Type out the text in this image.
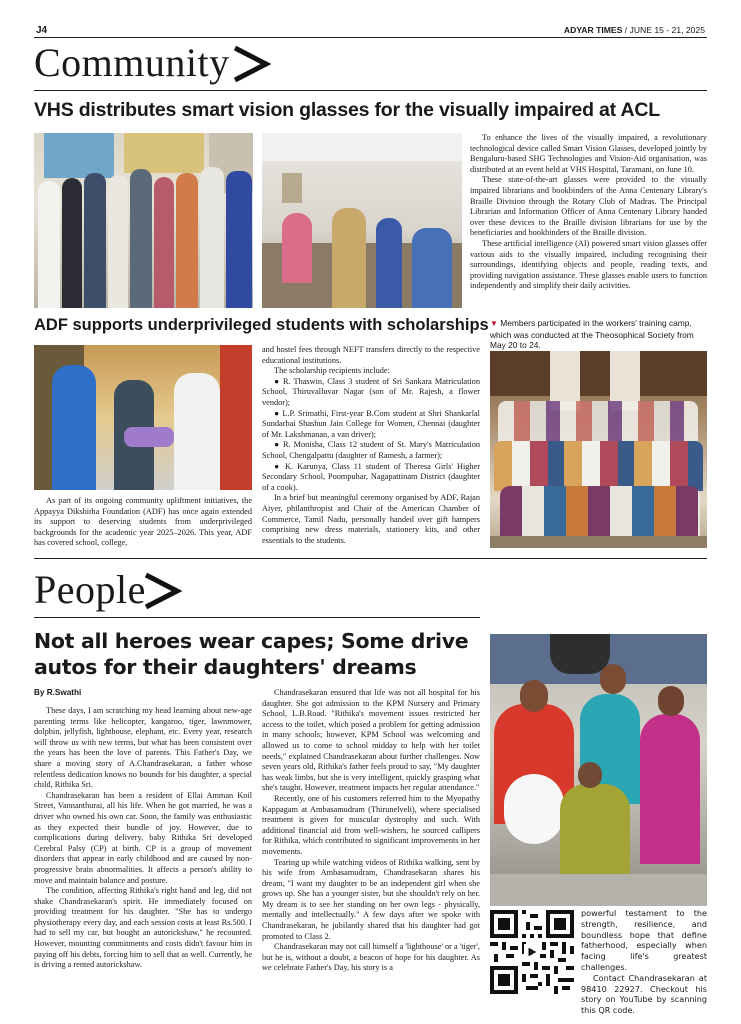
J4	ADYAR TIMES / JUNE 15 - 21, 2025
Community
VHS distributes smart vision glasses for the visually impaired at ACL

To enhance the lives of the visually impaired, a revolutionary technological device called Smart Vision Glasses, developed jointly by Bengaluru-based SHG Technologies and Vision-Aid organisation, was distributed at an event held at VHS Hospital, Taramani, on June 10.

These state-of-the-art glasses were provided to the visually impaired librarians and bookbinders of the Anna Centenary Library's Braille Division through the Rotary Club of Madras. The Principal Librarian and Information Officer of Anna Centenary Library handed over these devices to the Braille division librarians for use by the beneficiaries and bookbinders of the Braille division.

These artificial intelligence (AI) powered smart vision glasses offer various aids to the visually impaired, including recognising their surroundings, identifying objects and people, reading texts, and providing navigation assistance. These glasses enable users to function independently and simplify their daily activities.

ADF supports underprivileged students with scholarships

As part of its ongoing community upliftment initiatives, the Appayya Dikshitha Foundation (ADF) has once again extended its support to deserving students from underprivileged backgrounds for the academic year 2025–2026. This year, ADF has covered school, college,

and hostel fees through NEFT transfers directly to the respective educational institutions.

The scholarship recipients include:

● R. Thaswin, Class 3 student of Sri Sankara Matriculation School, Thiruvalluvar Nagar (son of Mr. Rajesh, a flower vendor);

● L.P. Srimathi, First-year B.Com student at Shri Shankarlal Sundarbai Shashun Jain College for Women, Chennai (daughter of Mr. Lakshmanan, a van driver);

● R. Monisha, Class 12 student of St. Mary's Matriculation School, Chengalpattu (daughter of Ramesh, a farmer);

● K. Karunya, Class 11 student of Theresa Girls' Higher Secondary School, Poompuhar, Nagapattinam District (daughter of a cook).

In a brief but meaningful ceremony organised by ADF, Rajan Aiyer, philanthropist and Chair of the American Chamber of Commerce, Tamil Nadu, personally handed over gift hampers comprising new dress materials, stationery kits, and other essentials to the students.

▼ Members participated in the workers' training camp, which was conducted at the Theosophical Society from May 20 to 24.
People
Not all heroes wear capes; Some drive
autos for their daughters' dreams
By R.Swathi

These days, I am scratching my head learning about new-age parenting terms like helicopter, kangaroo, tiger, lawnmower, dolphin, jellyfish, lighthouse, elephant, etc. Every year, research will throw us with new terms, but what has been consistent over the years has been the love of parents. This Father's Day, we share a moving story of A.Chandrasekaran, a father whose relentless dedication knows no bounds for his daughter, a special child, Rithika Sri.

Chandrasekaran has been a resident of Ellai Amman Koil Street, Vannanthurai, all his life. When he got married, he was a driver who owned his own car. Soon, the family was enthusiastic as they expected their bundle of joy. However, due to complications during delivery, baby Rithika Sri developed Cerebral Palsy (CP) at birth. CP is a group of movement disorders that appear in early childhood and are caused by non-progressive brain abnormalities. It affects a person's ability to move and maintain balance and posture.

The condition, affecting Rithika's right hand and leg, did not shake Chandrasekaran's spirit. He immediately focused on providing treatment for his daughter. "She has to undergo physiotherapy every day, and each session costs at least Rs.500. I had to sell my car, but bought an autorickshaw," he recounted. However, mounting commitments and costs didn't favour him in paying off his debts, forcing him to sell that as well. Currently, he is driving a rented autorickshaw.

Chandrasekaran ensured that life was not all hospital for his daughter. She got admission to the KPM Nursery and Primary School, L.B.Road. "Rithika's movement issues restricted her access to the toilet, which posed a problem for getting admission in many schools; however, KPM School was welcoming and allowed us to come to school midday to help with her toilet needs," explained Chandrasekaran about further challenges. Now seven years old, Rithika's father feels proud to say, "My daughter has weak limbs, but she is very intelligent, quickly grasping what she's taught. However, treatment impacts her regular attendance."

Recently, one of his customers referred him to the Myopathy Kappagam at Ambasamudram (Thirunelveli), where specialised treatment is given for muscular dystrophy and such. With additional financial aid from well-wishers, he sourced callipers for Rithika, which contributed to significant improvements in her movements.

Tearing up while watching videos of Rithika walking, sent by his wife from Ambasamudram, Chandrasekaran shares his dream, "I want my daughter to be an independent girl when she grows up. She has a younger sister, but she shouldn't rely on her. My dream is to see her standing on her own legs - physically, mentally and intellectually." A few days after we spoke with Chandrasekaran, he jubilantly shared that his daughter had got promoted to Class 2.

Chandrasekaran may not call himself a 'lighthouse' or a 'tiger', but he is, without a doubt, a beacon of hope for his daughter. As we celebrate Father's Day, his story is a

powerful testament to the strength, resilience, and boundless hope that define fatherhood, especially when facing life's greatest challenges.

Contact Chandrasekaran at 98410 22927. Checkout his story on YouTube by scanning this QR code.
